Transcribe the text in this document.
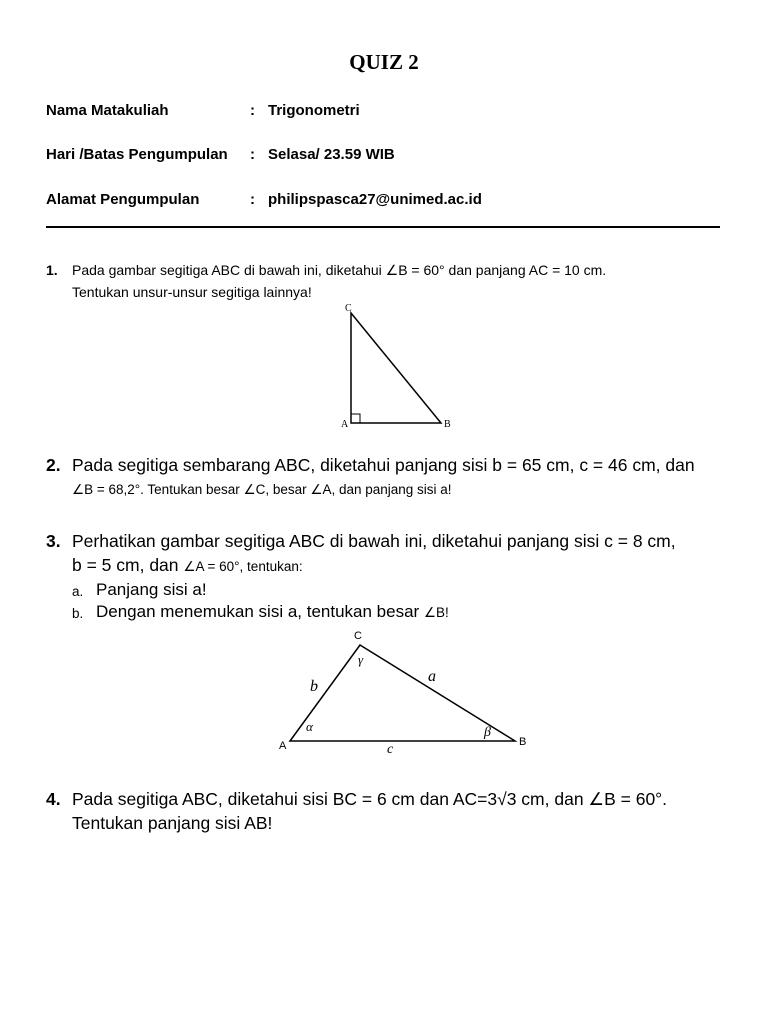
QUIZ 2
Nama Matakuliah	: Trigonometri
Hari /Batas Pengumpulan : Selasa/ 23.59 WIB
Alamat Pengumpulan	: philipspasca27@unimed.ac.id
1. Pada gambar segitiga ABC di bawah ini, diketahui ∠B = 60° dan panjang AC = 10 cm.
Tentukan unsur-unsur segitiga lainnya!
C
A	B
2. Pada segitiga sembarang ABC, diketahui panjang sisi b = 65 cm, c = 46 cm, dan
∠B = 68,2°. Tentukan besar ∠C, besar ∠A, dan panjang sisi a!
3. Perhatikan gambar segitiga ABC di bawah ini, diketahui panjang sisi c = 8 cm,
b = 5 cm, dan ∠A = 60°, tentukan:
a. Panjang sisi a!
b. Dengan menemukan sisi a, tentukan besar ∠B!
C
A	B
b
a
c
α	β
γ
4. Pada segitiga ABC, diketahui sisi BC = 6 cm dan AC=3√3 cm, dan ∠B = 60°.
Tentukan panjang sisi AB!
